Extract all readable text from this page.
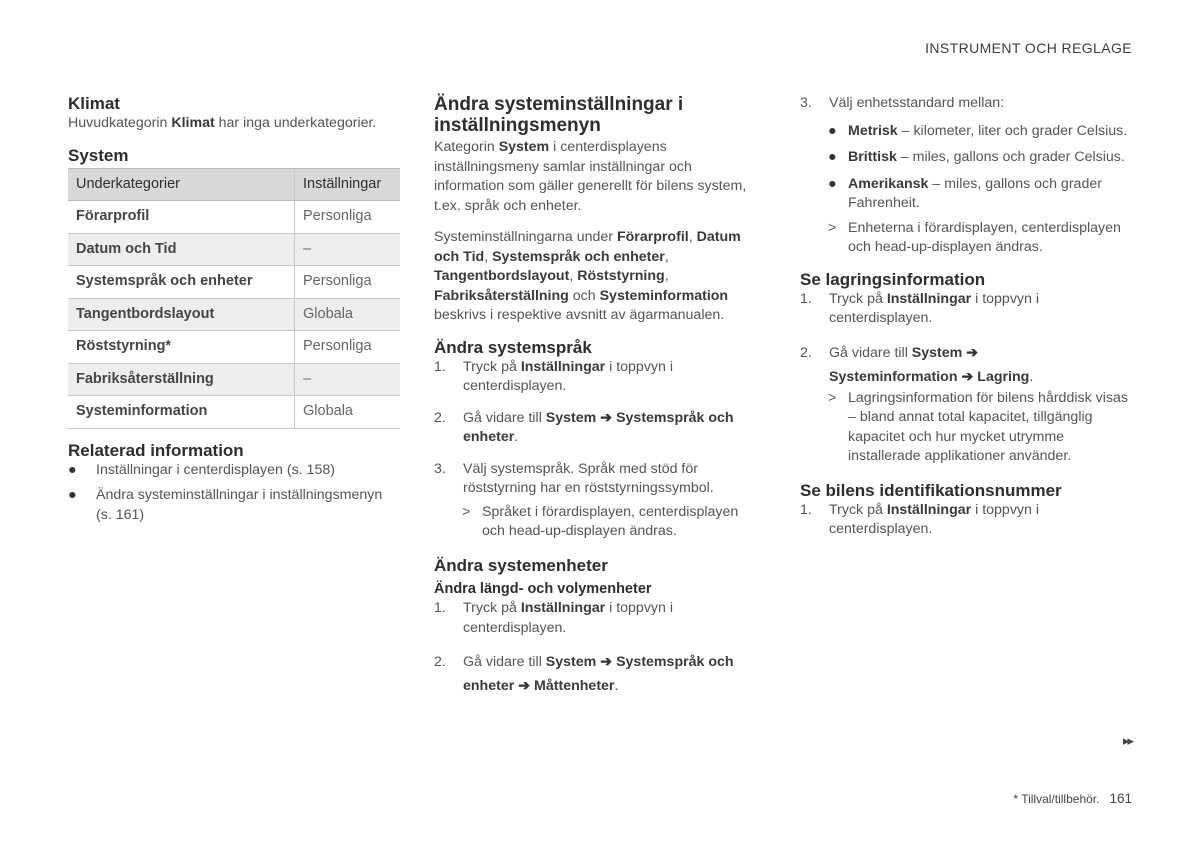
INSTRUMENT OCH REGLAGE
Klimat
Huvudkategorin Klimat har inga underkategorier.
System
Underkategorier	Inställningar
Förarprofil	Personliga
Datum och Tid	–
Systemspråk och enheter	Personliga
Tangentbordslayout	Globala
Röststyrning*	Personliga
Fabriksåterställning	–
Systeminformation	Globala
Relaterad information
● Inställningar i centerdisplayen (s. 158)
● Ändra systeminställningar i inställningsmenyn (s. 161)
Ändra systeminställningar i inställningsmenyn
Kategorin System i centerdisplayens inställningsmeny samlar inställningar och information som gäller generellt för bilens system, t.ex. språk och enheter.
Systeminställningarna under Förarprofil, Datum och Tid, Systemspråk och enheter, Tangentbordslayout, Röststyrning, Fabriksåterställning och Systeminformation beskrivs i respektive avsnitt av ägarmanualen.
Ändra systemspråk
1. Tryck på Inställningar i toppvyn i centerdisplayen.
2. Gå vidare till System ➔ Systemspråk och enheter.
3. Välj systemspråk. Språk med stöd för röststyrning har en röststyrningssymbol.
> Språket i förardisplayen, centerdisplayen och head-up-displayen ändras.
Ändra systemenheter
Ändra längd- och volymenheter
1. Tryck på Inställningar i toppvyn i centerdisplayen.
2. Gå vidare till System ➔ Systemspråk och enheter ➔ Måttenheter.
3. Välj enhetsstandard mellan:
● Metrisk – kilometer, liter och grader Celsius.
● Brittisk – miles, gallons och grader Celsius.
● Amerikansk – miles, gallons och grader Fahrenheit.
> Enheterna i förardisplayen, centerdisplayen och head-up-displayen ändras.
Se lagringsinformation
1. Tryck på Inställningar i toppvyn i centerdisplayen.
2. Gå vidare till System ➔
Systeminformation ➔ Lagring.
> Lagringsinformation för bilens hårddisk visas – bland annat total kapacitet, tillgänglig kapacitet och hur mycket utrymme installerade applikationer använder.
Se bilens identifikationsnummer
1. Tryck på Inställningar i toppvyn i centerdisplayen.
▸▸
* Tillval/tillbehör. 161
